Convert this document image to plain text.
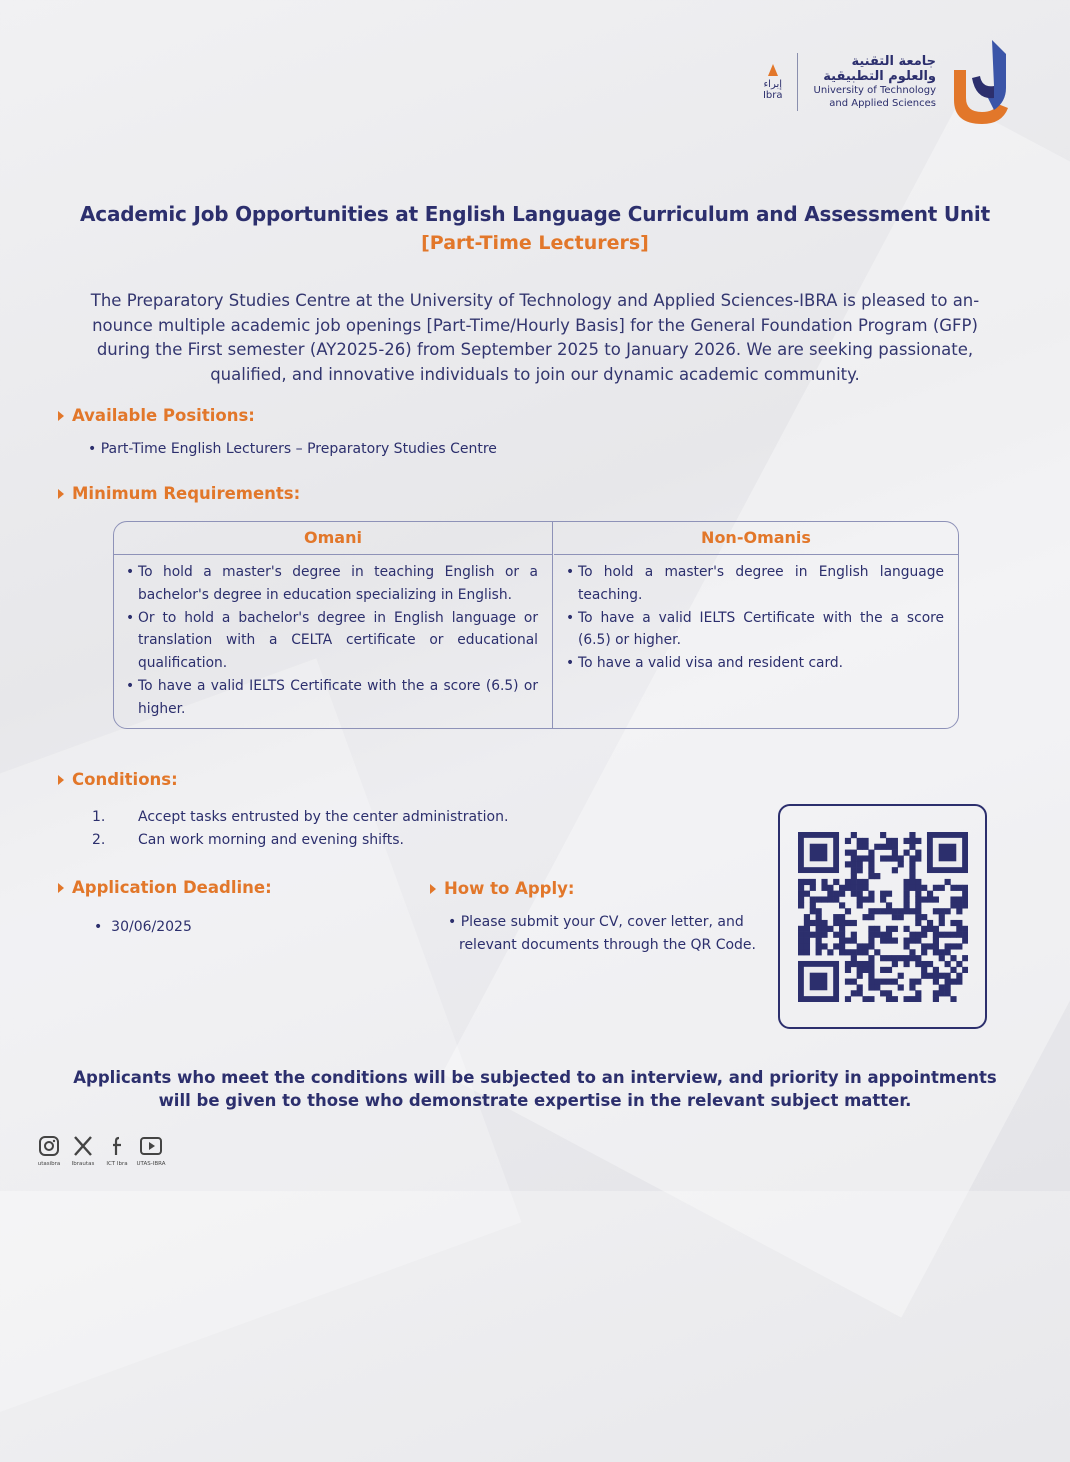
إبراء
Ibra
جامعة التقنية
والعلوم التطبيقية
University of Technology
and Applied Sciences
Academic Job Opportunities at English Language Curriculum and Assessment Unit
[Part-Time Lecturers]
The Preparatory Studies Centre at the University of Technology and Applied Sciences-IBRA is pleased to an-
nounce multiple academic job openings [Part-Time/Hourly Basis] for the General Foundation Program (GFP)
during the First semester (AY2025-26) from September 2025 to January 2026. We are seeking passionate,
qualified, and innovative individuals to join our dynamic academic community.
Available Positions:
• Part-Time English Lecturers – Preparatory Studies Centre
Minimum Requirements:
Omani
• To hold a master's degree in teaching English or a bachelor's degree in education specializing in English.
• Or to hold a bachelor's degree in English language or translation with a CELTA certificate or educational qualification.
• To have a valid IELTS Certificate with the a score (6.5) or higher.
Non-Omanis
• To hold a master's degree in English language teaching.
• To have a valid IELTS Certificate with the a score (6.5) or higher.
• To have a valid visa and resident card.
Conditions:
1. Accept tasks entrusted by the center administration.
2. Can work morning and evening shifts.
Application Deadline:
•  30/06/2025
How to Apply:
• Please submit your CV, cover letter, and
relevant documents through the QR Code.
Applicants who meet the conditions will be subjected to an interview, and priority in appointments
will be given to those who demonstrate expertise in the relevant subject matter.
utasibra Ibrautas ICT Ibra UTAS-IBRA
